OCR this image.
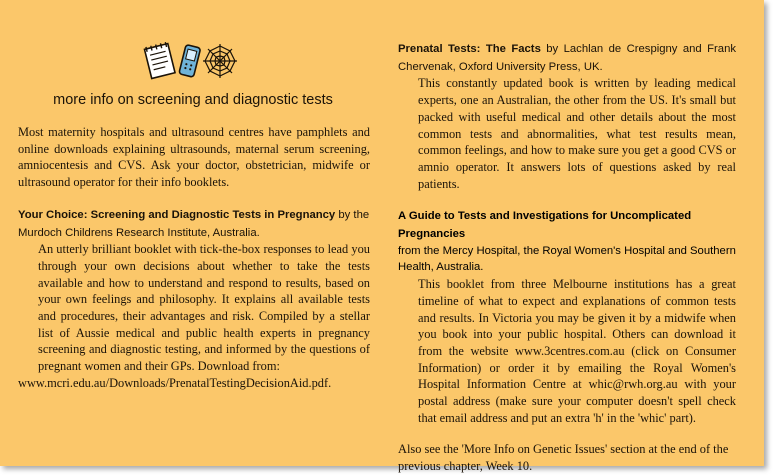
more info on screening and diagnostic tests

Most maternity hospitals and ultrasound centres have pamphlets and online downloads explaining ultrasounds, maternal serum screening, amniocentesis and CVS. Ask your doctor, obstetrician, midwife or ultrasound operator for their info booklets.

Your Choice: Screening and Diagnostic Tests in Pregnancy by the Murdoch Childrens Research Institute, Australia.

An utterly brilliant booklet with tick-the-box responses to lead you through your own decisions about whether to take the tests available and how to understand and respond to results, based on your own feelings and philosophy. It explains all available tests and procedures, their advantages and risk. Compiled by a stellar list of Aussie medical and public health experts in pregnancy screening and diagnostic testing, and informed by the questions of pregnant women and their GPs. Download from:

www.mcri.edu.au/Downloads/PrenatalTestingDecisionAid.pdf.

Prenatal Tests: The Facts by Lachlan de Crespigny and Frank Chervenak, Oxford University Press, UK.

This constantly updated book is written by leading medical experts, one an Australian, the other from the US. It's small but packed with useful medical and other details about the most common tests and abnormalities, what test results mean, common feelings, and how to make sure you get a good CVS or amnio operator. It answers lots of questions asked by real patients.

A Guide to Tests and Investigations for Uncomplicated Pregnancies

from the Mercy Hospital, the Royal Women's Hospital and Southern Health, Australia.

This booklet from three Melbourne institutions has a great timeline of what to expect and explanations of common tests and results. In Victoria you may be given it by a midwife when you book into your public hospital. Others can download it from the website www.3centres.com.au (click on Consumer Information) or order it by emailing the Royal Women's Hospital Information Centre at whic@rwh.org.au with your postal address (make sure your computer doesn't spell check that email address and put an extra 'h' in the 'whic' part).

Also see the 'More Info on Genetic Issues' section at the end of the previous chapter, Week 10.
